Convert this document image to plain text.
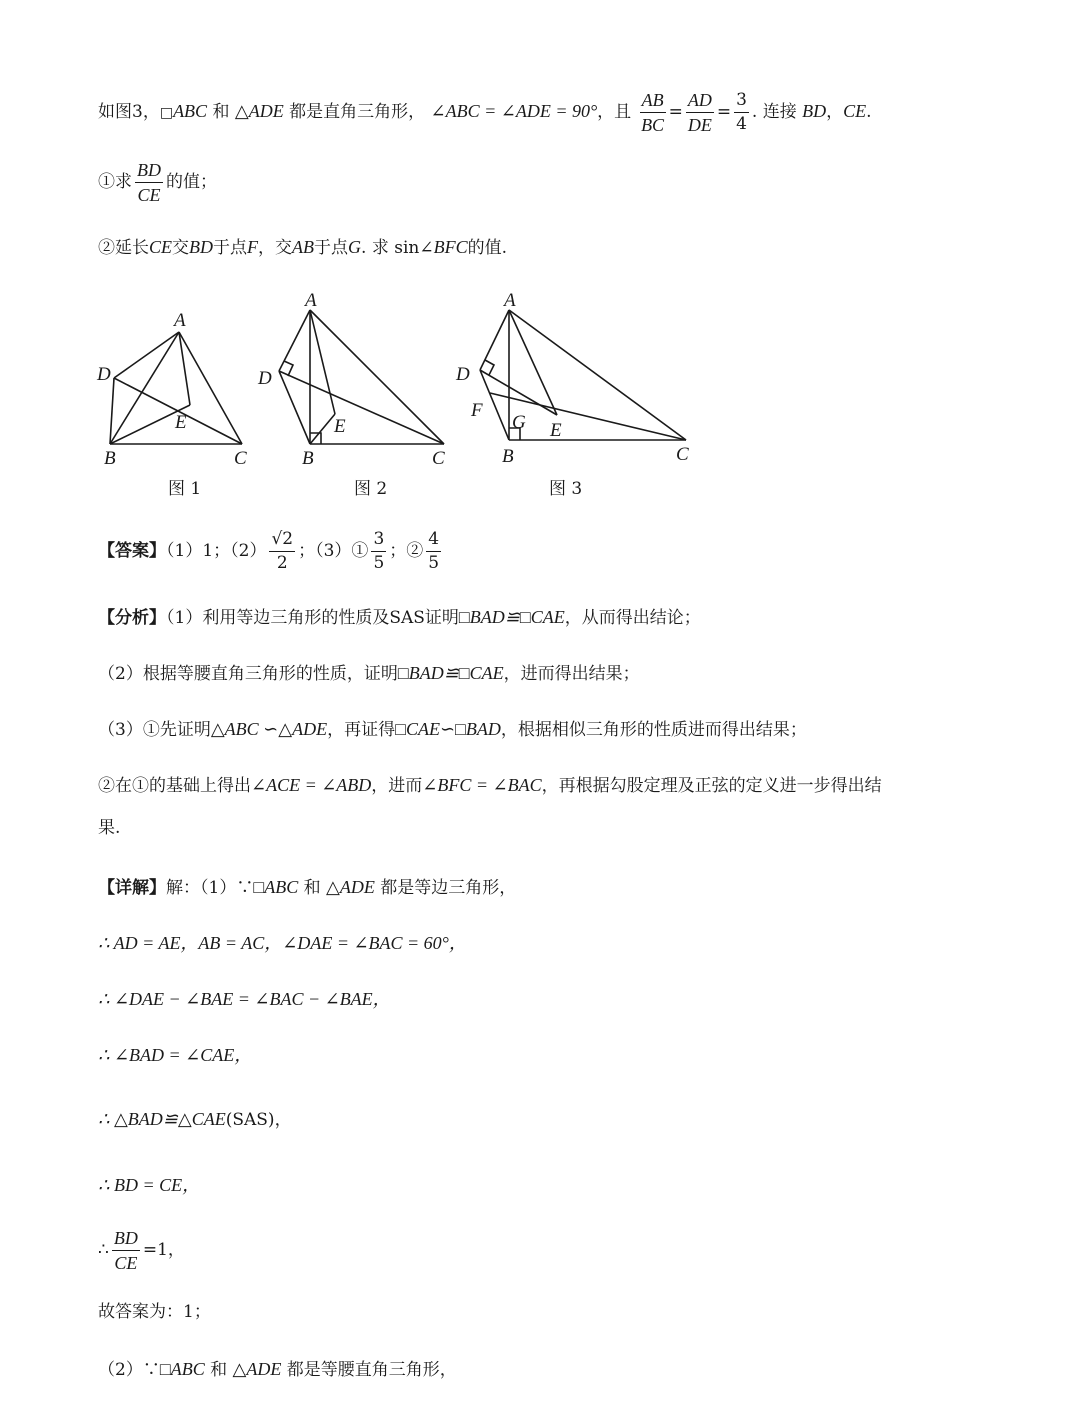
如图3，□ABC 和 △ADE 都是直角三角形， ∠ABC = ∠ADE = 90°，且 $\frac{AB}{BC} = \frac{AD}{DE} = \frac{3}{4}$ . 连接 BD，CE.
①求 $\frac{BD}{CE}$ 的值；
②延长CE交BD于点F，交AB于点G. 求 sin∠BFC的值.
A
D
E
B	C
图 1
A
D
E
B	C
图 2
A
D
F
G E
B	C
图 3
【答案】（1）1；$(2) \frac{√2}{2}$ ；（3）① $\frac{3}{5}$ ；② $\frac{4}{5}$
【分析】（1）利用等边三角形的性质及SAS证明□BAD≌□CAE，从而得出结论；
（2）根据等腰直角三角形的性质，证明□BAD≌□CAE，进而得出结果；
（3）①先证明△ABC ∽△ADE，再证得□CAE∽□BAD，根据相似三角形的性质进而得出结果；
②在①的基础上得出∠ACE = ∠ABD，进而∠BFC = ∠BAC，再根据勾股定理及正弦的定义进一步得出结
果.
【详解】解：（1）∵□ABC 和 △ADE 都是等边三角形，
∴ AD = AE，AB = AC，∠DAE = ∠BAC = 60°，
∴ ∠DAE − ∠BAE = ∠BAC − ∠BAE，
∴ ∠BAD = ∠CAE，
∴ △BAD≌△CAE(SAS)，
∴ BD = CE，
∴ $\frac{BD}{CE} =1$，
故答案为：1；
（2）∵□ABC 和 △ADE 都是等腰直角三角形，
